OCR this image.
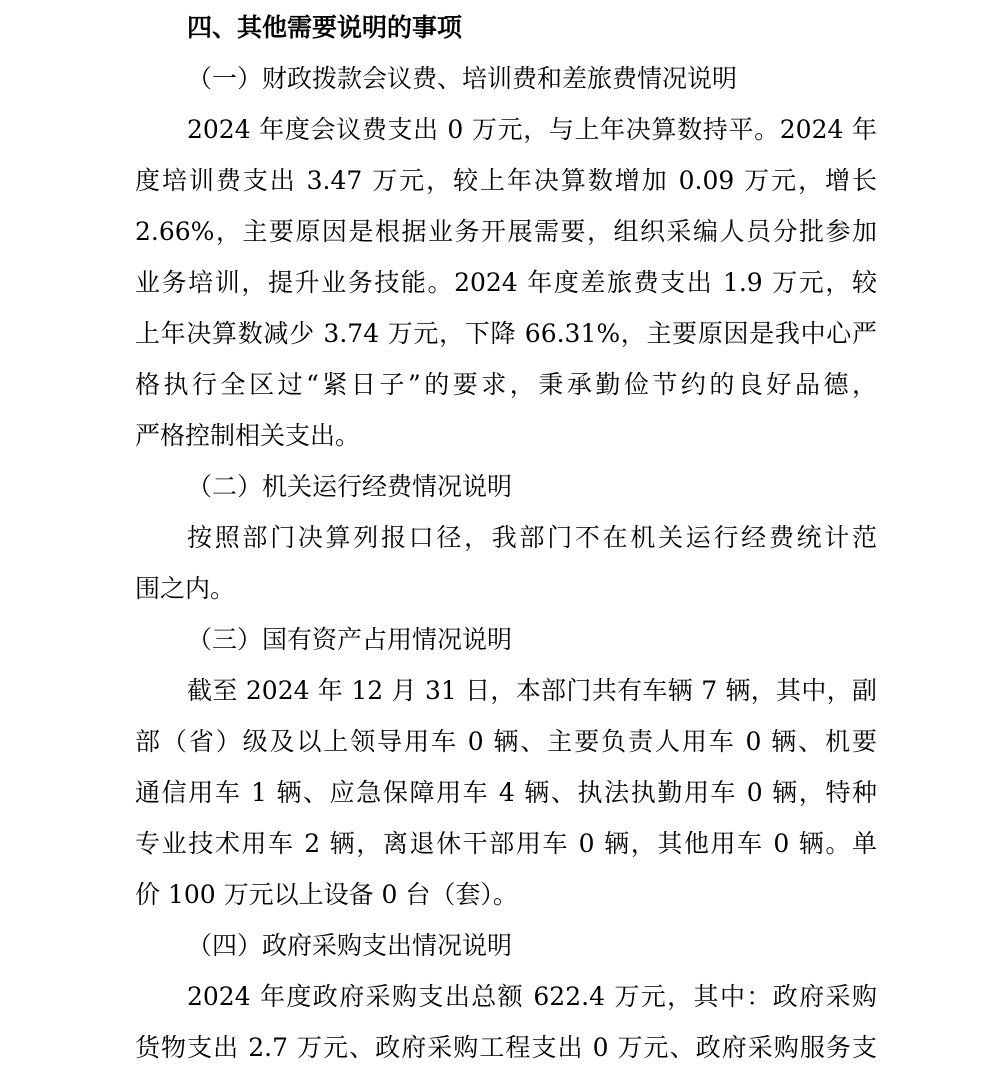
四、其他需要说明的事项
（一）财政拨款会议费、培训费和差旅费情况说明
2024 年度会议费支出 0 万元，与上年决算数持平。2024 年
度培训费支出 3.47 万元，较上年决算数增加 0.09 万元，增长
2.66%，主要原因是根据业务开展需要，组织采编人员分批参加
业务培训，提升业务技能。2024 年度差旅费支出 1.9 万元，较
上年决算数减少 3.74 万元，下降 66.31%，主要原因是我中心严
格执行全区过“紧日子”的要求，秉承勤俭节约的良好品德，
严格控制相关支出。
（二）机关运行经费情况说明
按照部门决算列报口径，我部门不在机关运行经费统计范
围之内。
（三）国有资产占用情况说明
截至 2024 年 12 月 31 日，本部门共有车辆 7 辆，其中，副
部（省）级及以上领导用车 0 辆、主要负责人用车 0 辆、机要
通信用车 1 辆、应急保障用车 4 辆、执法执勤用车 0 辆，特种
专业技术用车 2 辆，离退休干部用车 0 辆，其他用车 0 辆。单
价 100 万元以上设备 0 台（套）。
（四）政府采购支出情况说明
2024 年度政府采购支出总额 622.4 万元，其中：政府采购
货物支出 2.7 万元、政府采购工程支出 0 万元、政府采购服务支
